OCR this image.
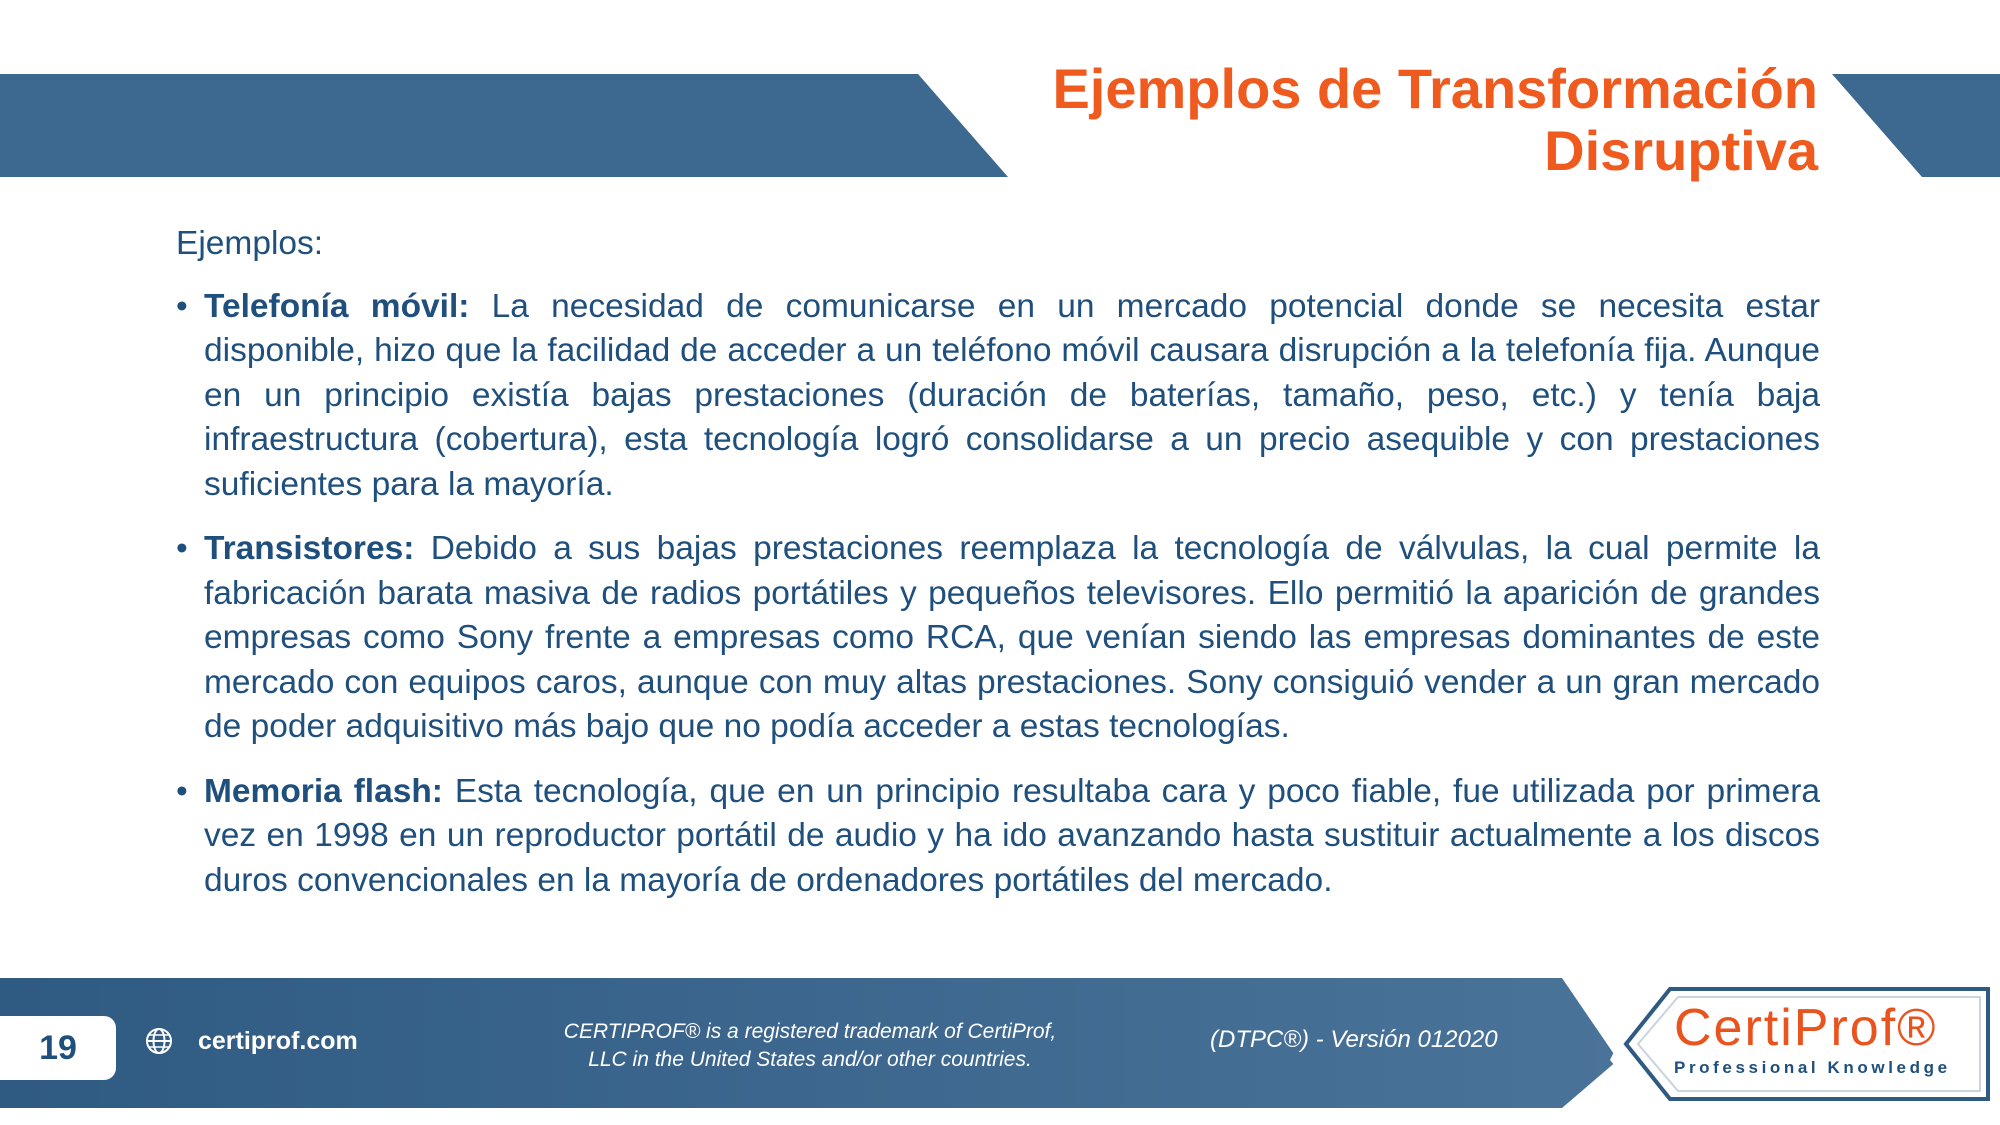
Ejemplos de Transformación
Disruptiva
Ejemplos:
• Telefonía móvil: La necesidad de comunicarse en un mercado potencial donde se necesita estar disponible, hizo que la facilidad de acceder a un teléfono móvil causara disrupción a la telefonía fija. Aunque en un principio existía bajas prestaciones (duración de baterías, tamaño, peso, etc.) y tenía baja infraestructura (cobertura), esta tecnología logró consolidarse a un precio asequible y con prestaciones suficientes para la mayoría.
• Transistores: Debido a sus bajas prestaciones reemplaza la tecnología de válvulas, la cual permite la fabricación barata masiva de radios portátiles y pequeños televisores. Ello permitió la aparición de grandes empresas como Sony frente a empresas como RCA, que venían siendo las empresas dominantes de este mercado con equipos caros, aunque con muy altas prestaciones. Sony consiguió vender a un gran mercado de poder adquisitivo más bajo que no podía acceder a estas tecnologías.
• Memoria flash: Esta tecnología, que en un principio resultaba cara y poco fiable, fue utilizada por primera vez en 1998 en un reproductor portátil de audio y ha ido avanzando hasta sustituir actualmente a los discos duros convencionales en la mayoría de ordenadores portátiles del mercado.
19	certiprof.com	CERTIPROF® is a registered trademark of CertiProf,
LLC in the United States and/or other countries.
(DTPC®) - Versión 012020	CertiProf®
Professional Knowledge
